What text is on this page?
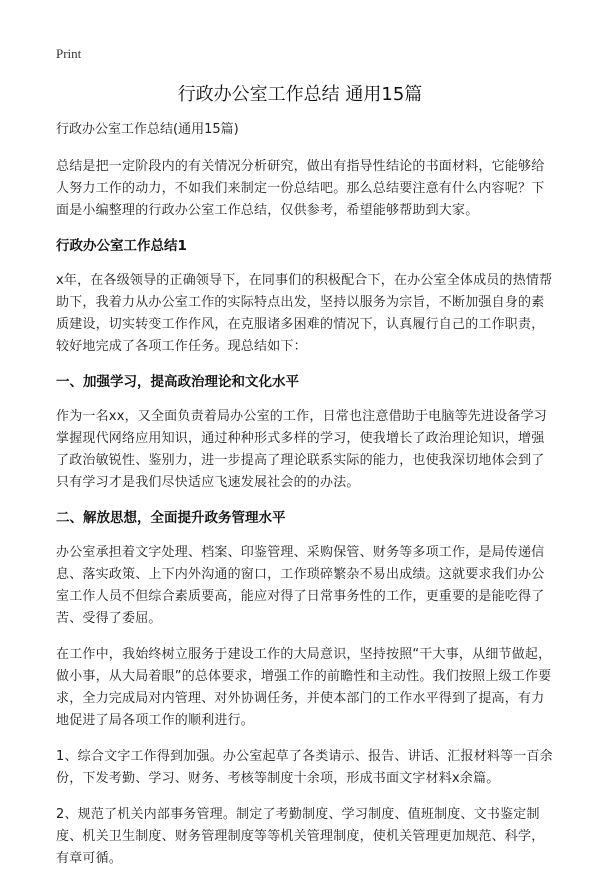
Print
行政办公室工作总结 通用15篇
行政办公室工作总结(通用15篇)

总结是把一定阶段内的有关情况分析研究，做出有指导性结论的书面材料，它能够给人努力工作的动力，不如我们来制定一份总结吧。那么总结要注意有什么内容呢？下面是小编整理的行政办公室工作总结，仅供参考，希望能够帮助到大家。

行政办公室工作总结1

x年，在各级领导的正确领导下，在同事们的积极配合下，在办公室全体成员的热情帮助下，我着力从办公室工作的实际特点出发，坚持以服务为宗旨，不断加强自身的素质建设，切实转变工作作风，在克服诸多困难的情况下，认真履行自己的工作职责，较好地完成了各项工作任务。现总结如下：

一、加强学习，提高政治理论和文化水平

作为一名xx，又全面负责着局办公室的工作，日常也注意借助于电脑等先进设备学习掌握现代网络应用知识，通过种种形式多样的学习，使我增长了政治理论知识，增强了政治敏锐性、鉴别力，进一步提高了理论联系实际的能力，也使我深切地体会到了只有学习才是我们尽快适应飞速发展社会的的办法。

二、解放思想，全面提升政务管理水平

办公室承担着文字处理、档案、印鉴管理、采购保管、财务等多项工作，是局传递信息、落实政策、上下内外沟通的窗口，工作琐碎繁杂不易出成绩。这就要求我们办公室工作人员不但综合素质要高，能应对得了日常事务性的工作，更重要的是能吃得了苦、受得了委屈。

在工作中，我始终树立服务于建设工作的大局意识，坚持按照“干大事，从细节做起，做小事，从大局着眼”的总体要求，增强工作的前瞻性和主动性。我们按照上级工作要求，全力完成局对内管理、对外协调任务，并使本部门的工作水平得到了提高，有力地促进了局各项工作的顺利进行。

1、综合文字工作得到加强。办公室起草了各类请示、报告、讲话、汇报材料等一百余份，下发考勤、学习、财务、考核等制度十余项，形成书面文字材料x余篇。

2、规范了机关内部事务管理。制定了考勤制度、学习制度、值班制度、文书鉴定制度、机关卫生制度、财务管理制度等等机关管理制度，使机关管理更加规范、科学，有章可循。
